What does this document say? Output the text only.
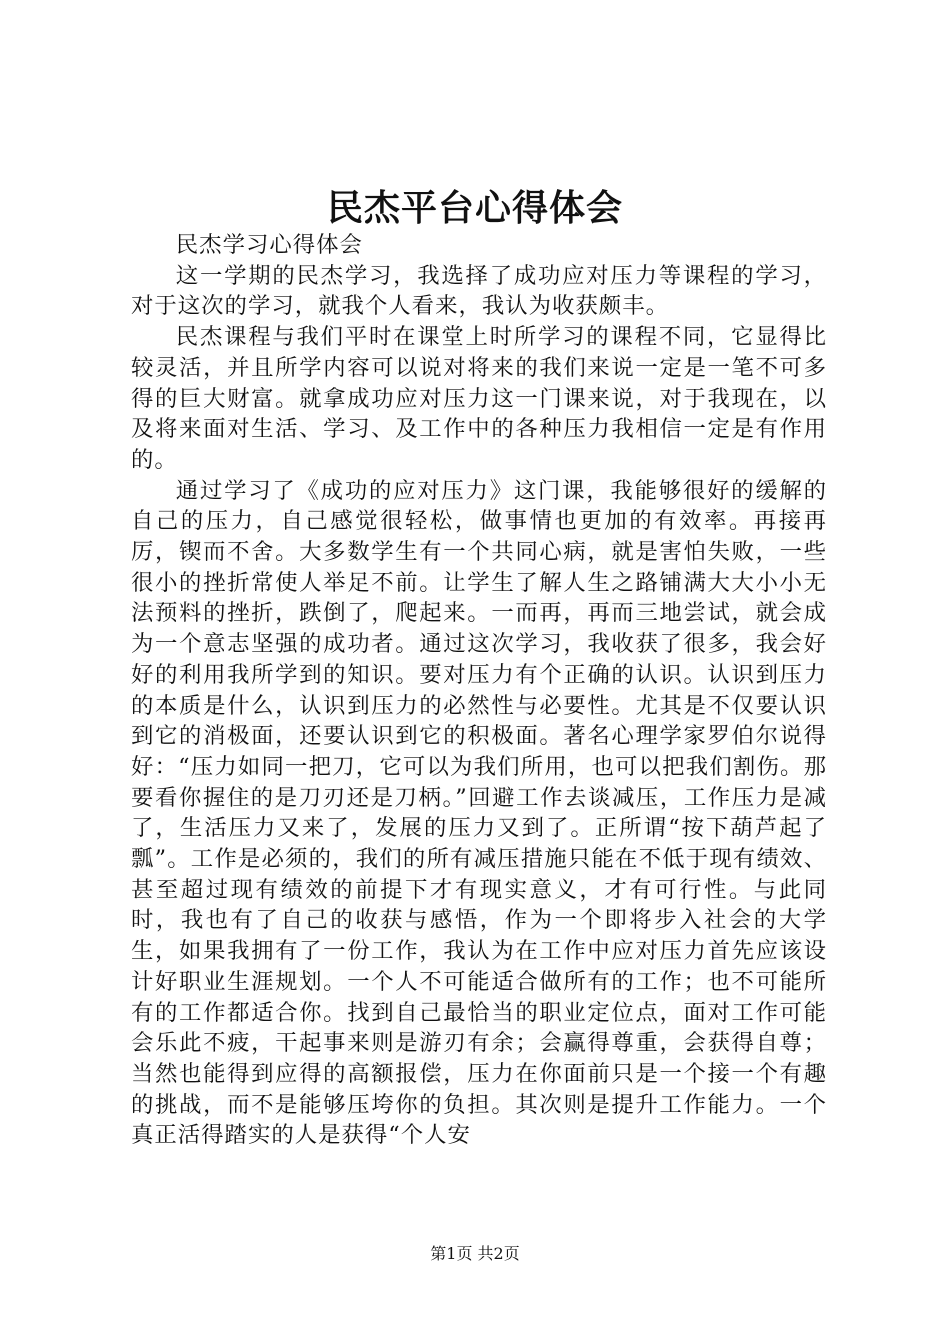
民杰平台心得体会

民杰学习心得体会

这一学期的民杰学习，我选择了成功应对压力等课程的学习，对于这次的学习，就我个人看来，我认为收获颇丰。

民杰课程与我们平时在课堂上时所学习的课程不同，它显得比较灵活，并且所学内容可以说对将来的我们来说一定是一笔不可多得的巨大财富。就拿成功应对压力这一门课来说，对于我现在，以及将来面对生活、学习、及工作中的各种压力我相信一定是有作用的。

通过学习了《成功的应对压力》这门课，我能够很好的缓解的自己的压力，自己感觉很轻松，做事情也更加的有效率。再接再厉，锲而不舍。大多数学生有一个共同心病，就是害怕失败，一些很小的挫折常使人举足不前。让学生了解人生之路铺满大大小小无法预料的挫折，跌倒了，爬起来。一而再，再而三地尝试，就会成为一个意志坚强的成功者。通过这次学习，我收获了很多，我会好好的利用我所学到的知识。要对压力有个正确的认识。认识到压力的本质是什么，认识到压力的必然性与必要性。尤其是不仅要认识到它的消极面，还要认识到它的积极面。著名心理学家罗伯尔说得好：“压力如同一把刀，它可以为我们所用，也可以把我们割伤。那要看你握住的是刀刃还是刀柄。”回避工作去谈减压，工作压力是减了，生活压力又来了，发展的压力又到了。正所谓“按下葫芦起了瓢”。工作是必须的，我们的所有减压措施只能在不低于现有绩效、甚至超过现有绩效的前提下才有现实意义，才有可行性。与此同时，我也有了自己的收获与感悟，作为一个即将步入社会的大学生，如果我拥有了一份工作，我认为在工作中应对压力首先应该设计好职业生涯规划。一个人不可能适合做所有的工作；也不可能所有的工作都适合你。找到自己最恰当的职业定位点，面对工作可能会乐此不疲，干起事来则是游刃有余；会赢得尊重，会获得自尊；当然也能得到应得的高额报偿，压力在你面前只是一个接一个有趣的挑战，而不是能够压垮你的负担。其次则是提升工作能力。一个真正活得踏实的人是获得“个人安

第1页 共2页
